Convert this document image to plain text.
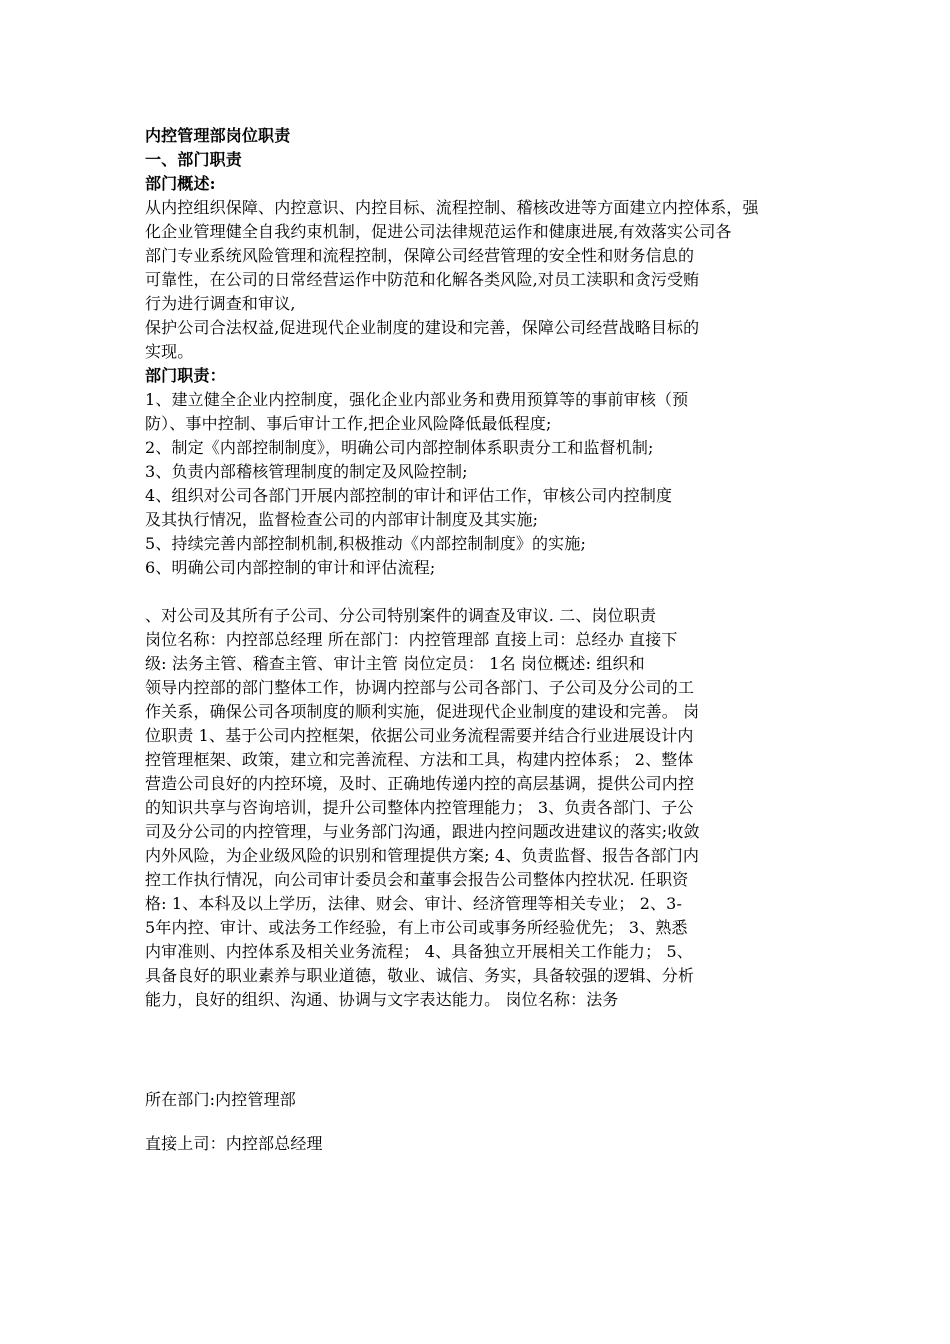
内控管理部岗位职责
一、部门职责
部门概述:
从内控组织保障、内控意识、内控目标、流程控制、稽核改进等方面建立内控体系，强
化企业管理健全自我约束机制，促进公司法律规范运作和健康进展,有效落实公司各
部门专业系统风险管理和流程控制，保障公司经营管理的安全性和财务信息的
可靠性，在公司的日常经营运作中防范和化解各类风险,对员工渎职和贪污受贿
行为进行调查和审议,
保护公司合法权益,促进现代企业制度的建设和完善，保障公司经营战略目标的
实现。
部门职责：
1、建立健全企业内控制度，强化企业内部业务和费用预算等的事前审核（预
防）、事中控制、事后审计工作,把企业风险降低最低程度;
2、制定《内部控制制度》，明确公司内部控制体系职责分工和监督机制;
3、负责内部稽核管理制度的制定及风险控制;
4、组织对公司各部门开展内部控制的审计和评估工作，审核公司内控制度
及其执行情况，监督检查公司的内部审计制度及其实施;
5、持续完善内部控制机制,积极推动《内部控制制度》的实施;
6、明确公司内部控制的审计和评估流程;
、对公司及其所有子公司、分公司特别案件的调查及审议. 二、岗位职责
岗位名称：内控部总经理 所在部门：内控管理部 直接上司：总经办 直接下
级: 法务主管、稽查主管、审计主管 岗位定员： 1名 岗位概述: 组织和
领导内控部的部门整体工作，协调内控部与公司各部门、子公司及分公司的工
作关系，确保公司各项制度的顺利实施，促进现代企业制度的建设和完善。 岗
位职责 1、基于公司内控框架，依据公司业务流程需要并结合行业进展设计内
控管理框架、政策，建立和完善流程、方法和工具，构建内控体系； 2、整体
营造公司良好的内控环境，及时、正确地传递内控的高层基调，提供公司内控
的知识共享与咨询培训，提升公司整体内控管理能力； 3、负责各部门、子公
司及分公司的内控管理，与业务部门沟通，跟进内控问题改进建议的落实;收敛
内外风险，为企业级风险的识别和管理提供方案; 4、负责监督、报告各部门内
控工作执行情况，向公司审计委员会和董事会报告公司整体内控状况. 任职资
格: 1、本科及以上学历，法律、财会、审计、经济管理等相关专业； 2、3-
5年内控、审计、或法务工作经验，有上市公司或事务所经验优先； 3、熟悉
内审准则、内控体系及相关业务流程； 4、具备独立开展相关工作能力； 5、
具备良好的职业素养与职业道德，敬业、诚信、务实，具备较强的逻辑、分析
能力，良好的组织、沟通、协调与文字表达能力。 岗位名称：法务
所在部门:内控管理部
直接上司：内控部总经理
